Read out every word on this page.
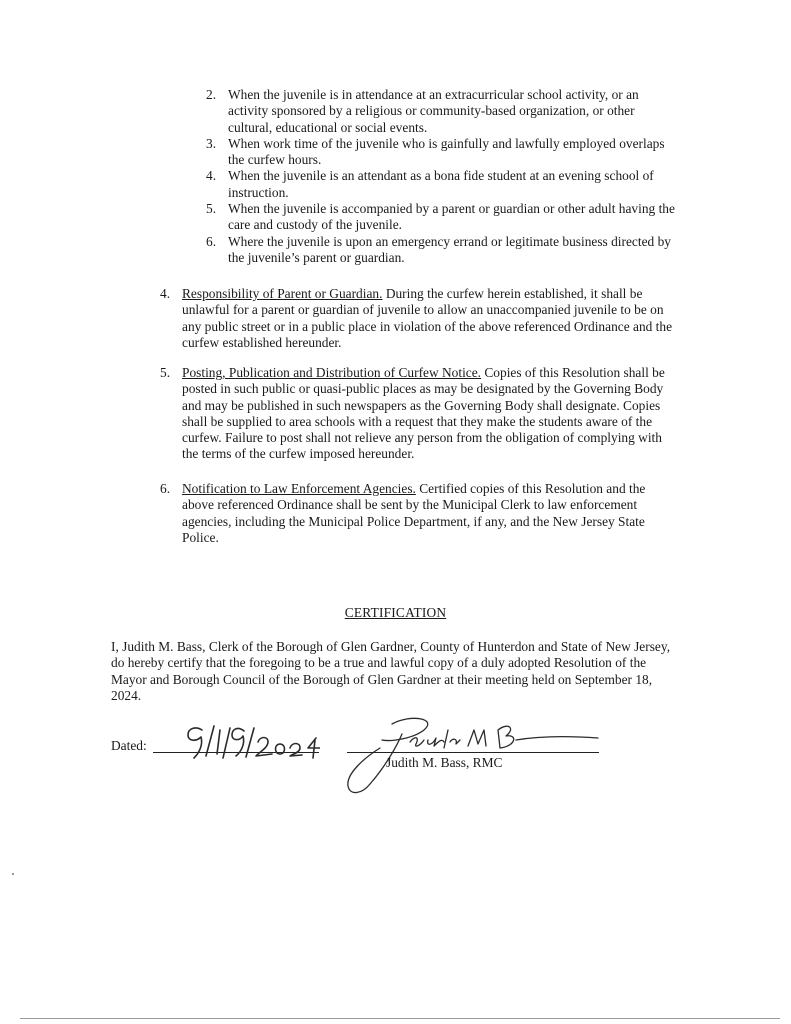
2. When the juvenile is in attendance at an extracurricular school activity, or an activity sponsored by a religious or community-based organization, or other cultural, educational or social events.
3. When work time of the juvenile who is gainfully and lawfully employed overlaps the curfew hours.
4. When the juvenile is an attendant as a bona fide student at an evening school of instruction.
5. When the juvenile is accompanied by a parent or guardian or other adult having the care and custody of the juvenile.
6. Where the juvenile is upon an emergency errand or legitimate business directed by the juvenile’s parent or guardian.
4. Responsibility of Parent or Guardian. During the curfew herein established, it shall be unlawful for a parent or guardian of juvenile to allow an unaccompanied juvenile to be on any public street or in a public place in violation of the above referenced Ordinance and the curfew established hereunder.
5. Posting, Publication and Distribution of Curfew Notice. Copies of this Resolution shall be posted in such public or quasi-public places as may be designated by the Governing Body and may be published in such newspapers as the Governing Body shall designate. Copies shall be supplied to area schools with a request that they make the students aware of the curfew. Failure to post shall not relieve any person from the obligation of complying with the terms of the curfew imposed hereunder.
6. Notification to Law Enforcement Agencies. Certified copies of this Resolution and the above referenced Ordinance shall be sent by the Municipal Clerk to law enforcement agencies, including the Municipal Police Department, if any, and the New Jersey State Police.
CERTIFICATION
I, Judith M. Bass, Clerk of the Borough of Glen Gardner, County of Hunterdon and State of New Jersey, do hereby certify that the foregoing to be a true and lawful copy of a duly adopted Resolution of the Mayor and Borough Council of the Borough of Glen Gardner at their meeting held on September 18, 2024.
Dated:
Judith M. Bass, RMC
